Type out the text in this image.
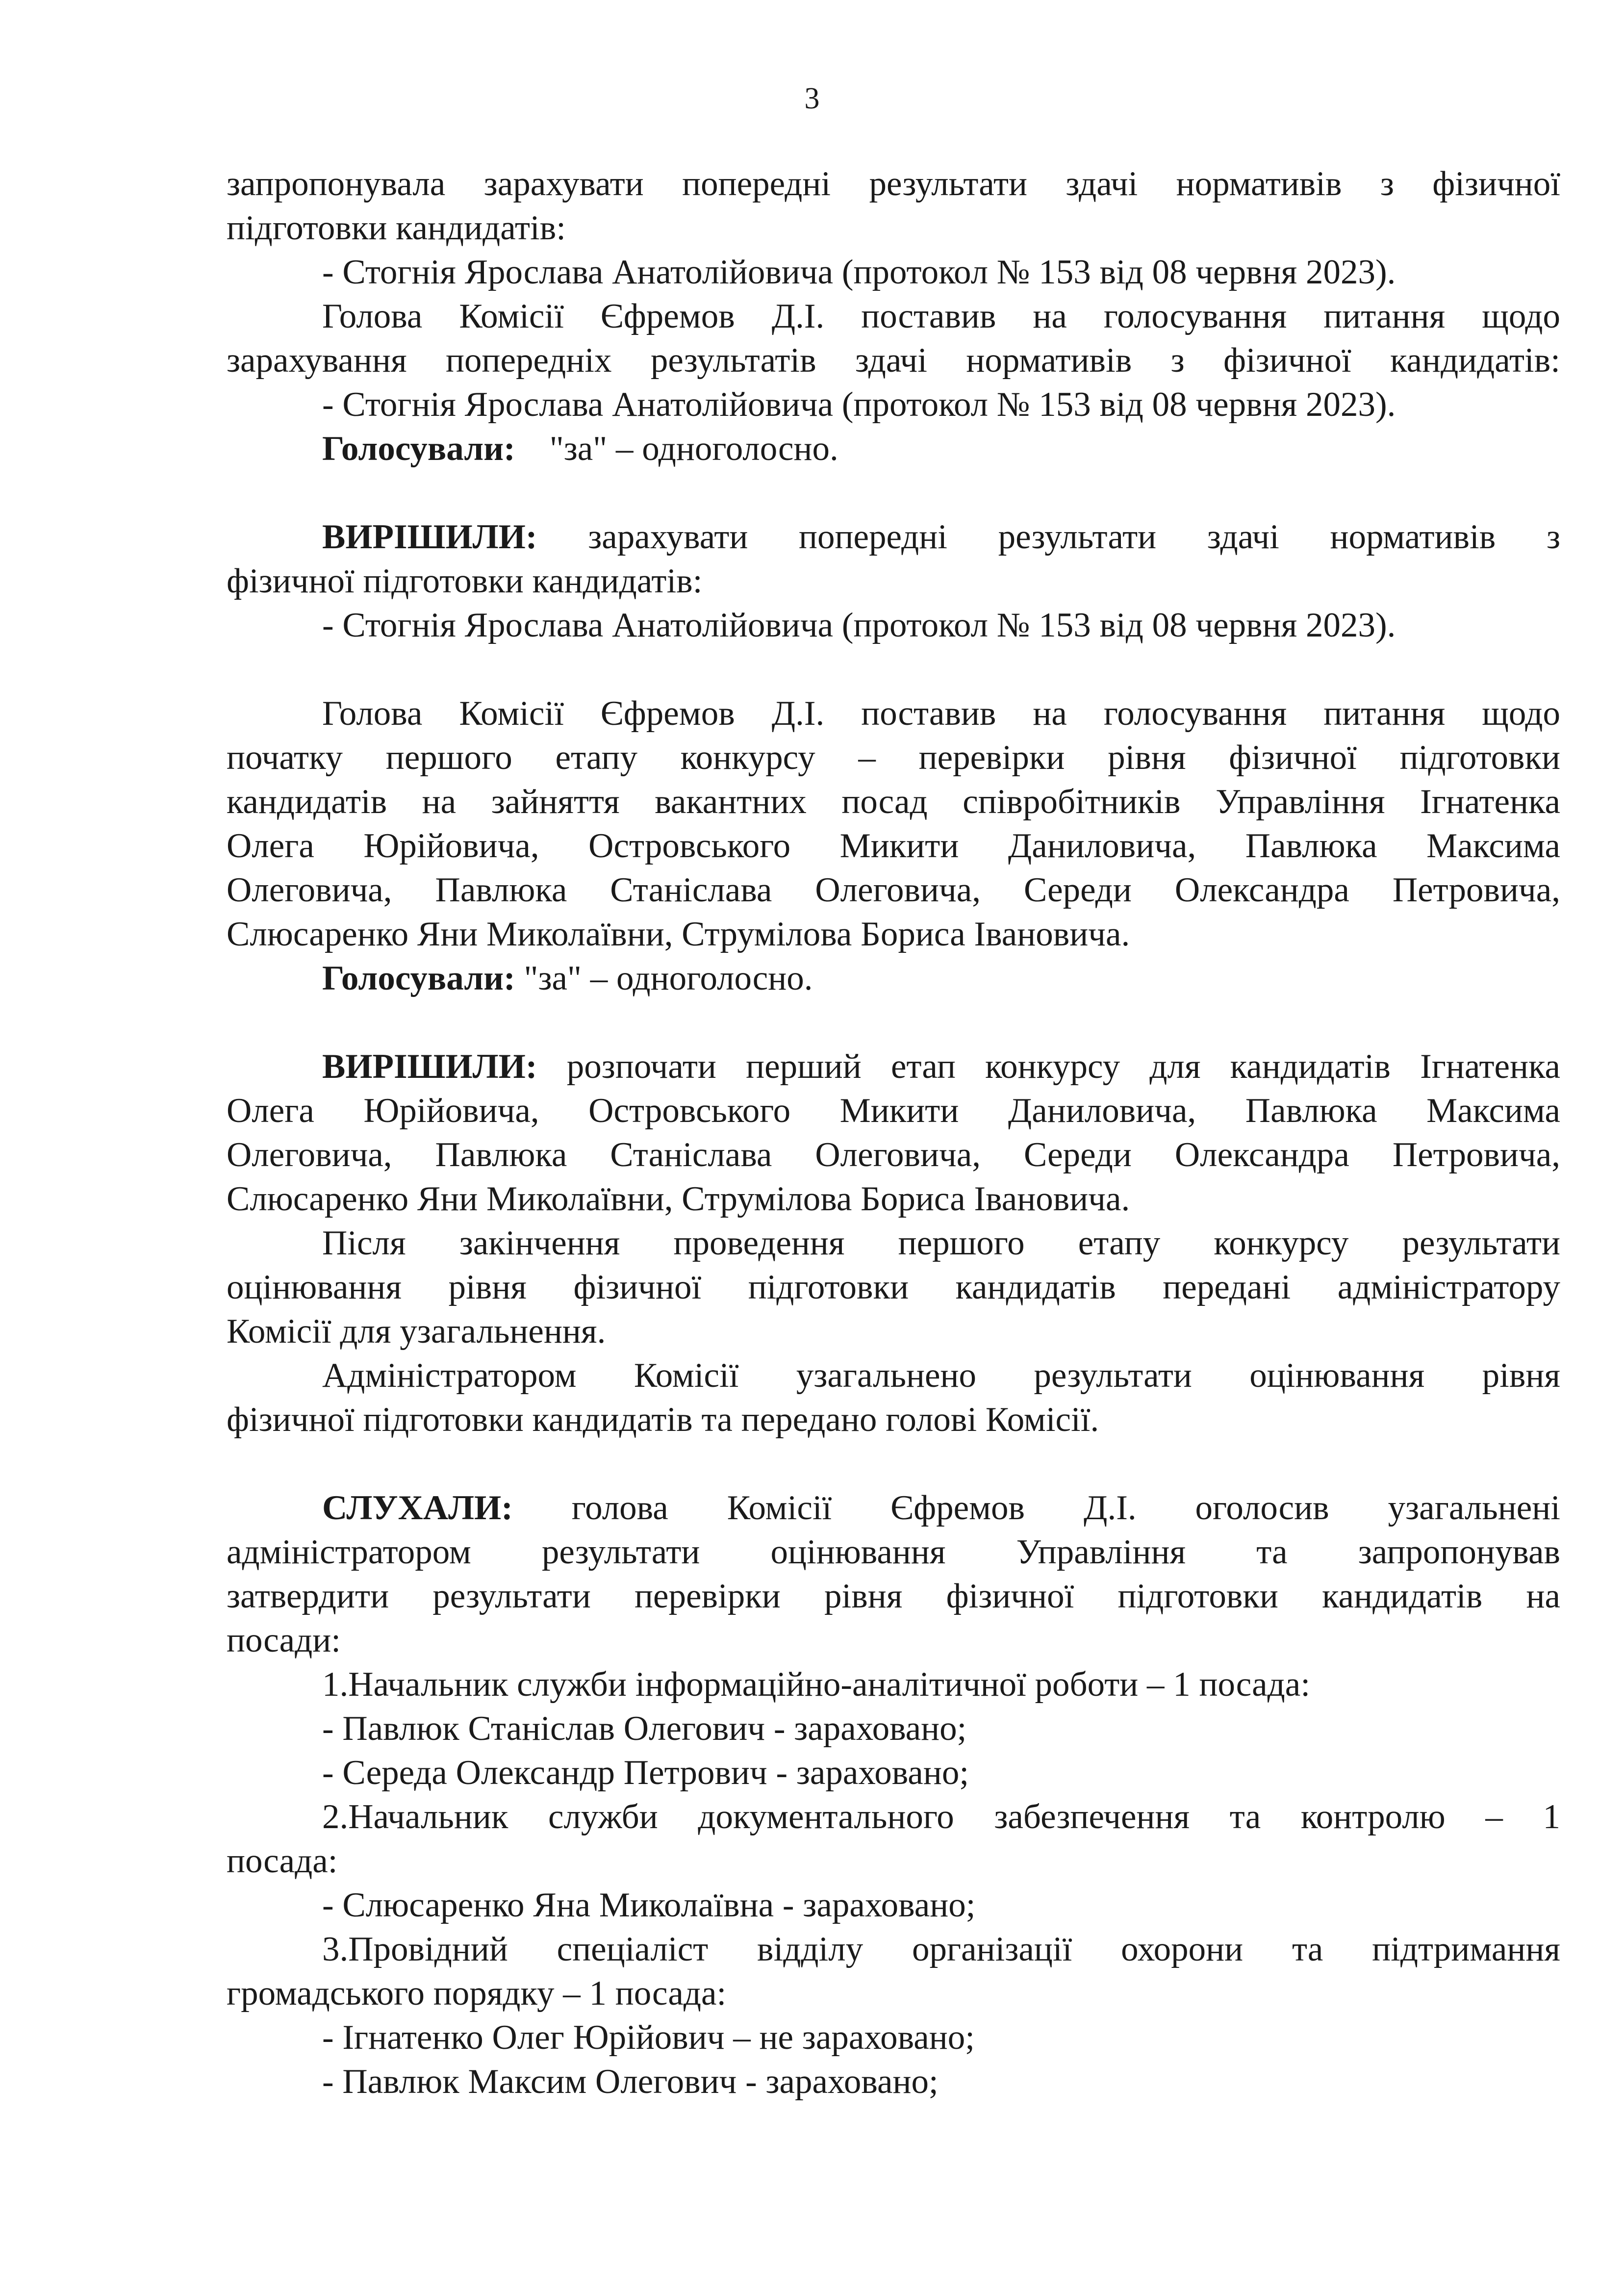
3

запропонувала зарахувати попередні результати здачі нормативів з фізичної

підготовки кандидатів:

- Стогнія Ярослава Анатолійовича (протокол № 153 від 08 червня 2023).

Голова Комісії Єфремов Д.І. поставив на голосування питання щодо

зарахування попередніх результатів здачі нормативів з фізичної кандидатів:

- Стогнія Ярослава Анатолійовича (протокол № 153 від 08 червня 2023).

Голосували: "за" – одноголосно.

ВИРІШИЛИ: зарахувати попередні результати здачі нормативів з

фізичної підготовки кандидатів:

- Стогнія Ярослава Анатолійовича (протокол № 153 від 08 червня 2023).

Голова Комісії Єфремов Д.І. поставив на голосування питання щодо

початку першого етапу конкурсу – перевірки рівня фізичної підготовки

кандидатів на зайняття вакантних посад співробітників Управління Ігнатенка

Олега Юрійовича, Островського Микити Даниловича, Павлюка Максима

Олеговича, Павлюка Станіслава Олеговича, Середи Олександра Петровича,

Слюсаренко Яни Миколаївни, Струмілова Бориса Івановича.

Голосували: "за" – одноголосно.

ВИРІШИЛИ: розпочати перший етап конкурсу для кандидатів Ігнатенка

Олега Юрійовича, Островського Микити Даниловича, Павлюка Максима

Олеговича, Павлюка Станіслава Олеговича, Середи Олександра Петровича,

Слюсаренко Яни Миколаївни, Струмілова Бориса Івановича.

Після закінчення проведення першого етапу конкурсу результати

оцінювання рівня фізичної підготовки кандидатів передані адміністратору

Комісії для узагальнення.

Адміністратором Комісії узагальнено результати оцінювання рівня

фізичної підготовки кандидатів та передано голові Комісії.

СЛУХАЛИ: голова Комісії Єфремов Д.І. оголосив узагальнені

адміністратором результати оцінювання Управління та запропонував

затвердити результати перевірки рівня фізичної підготовки кандидатів на

посади:

1.Начальник служби інформаційно-аналітичної роботи – 1 посада:

- Павлюк Станіслав Олегович - зараховано;

- Середа Олександр Петрович - зараховано;

2.Начальник служби документального забезпечення та контролю – 1

посада:

- Слюсаренко Яна Миколаївна - зараховано;

3.Провідний спеціаліст відділу організації охорони та підтримання

громадського порядку – 1 посада:

- Ігнатенко Олег Юрійович – не зараховано;

- Павлюк Максим Олегович - зараховано;
